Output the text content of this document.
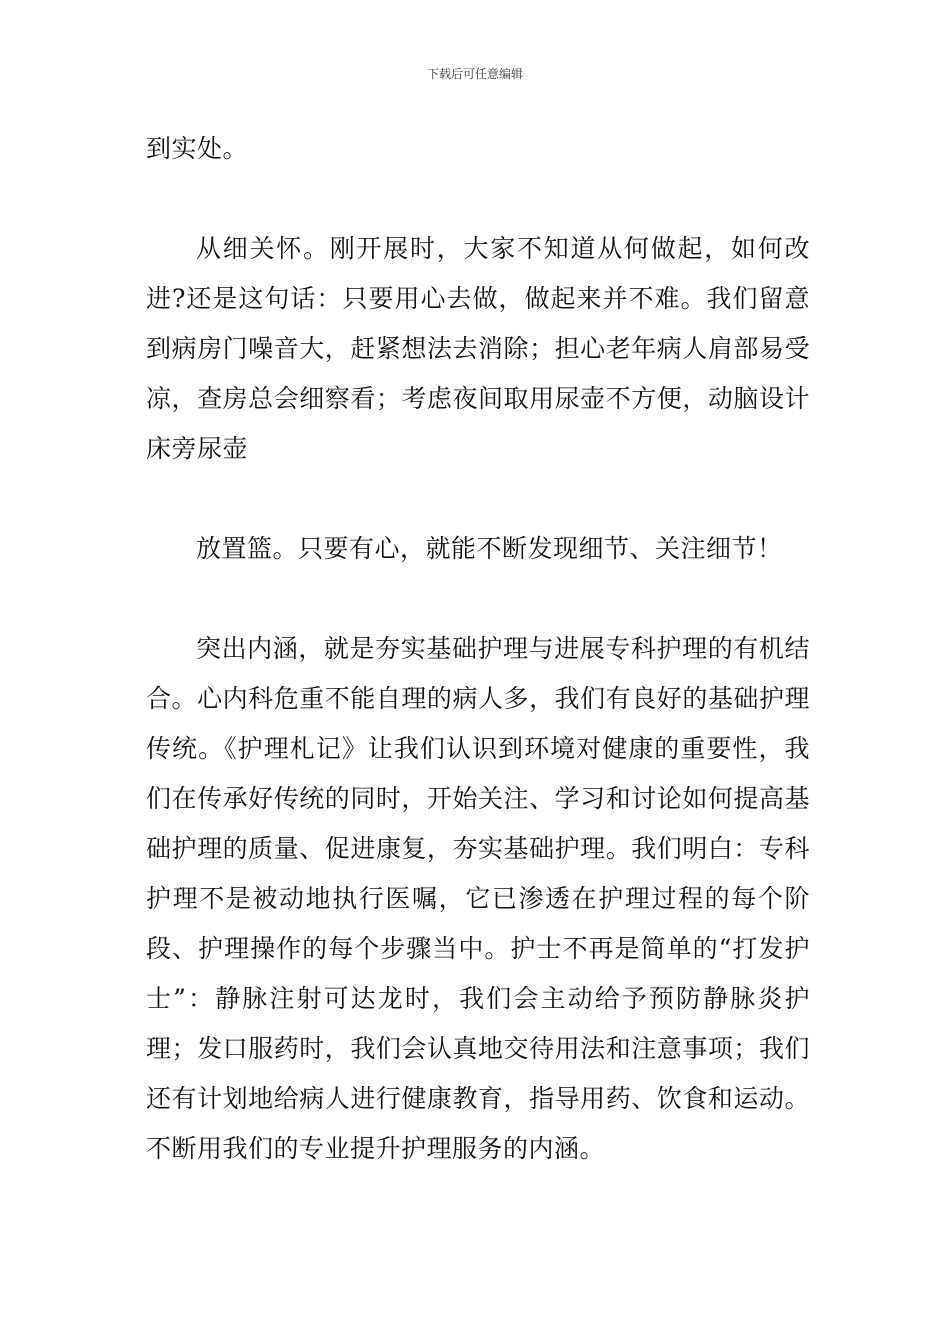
下载后可任意编辑

到实处。

从细关怀。刚开展时，大家不知道从何做起，如何改进?还是这句话：只要用心去做，做起来并不难。我们留意到病房门噪音大，赶紧想法去消除；担心老年病人肩部易受凉，查房总会细察看；考虑夜间取用尿壶不方便，动脑设计床旁尿壶

放置篮。只要有心，就能不断发现细节、关注细节！

突出内涵，就是夯实基础护理与进展专科护理的有机结合。心内科危重不能自理的病人多，我们有良好的基础护理传统。《护理札记》让我们认识到环境对健康的重要性，我们在传承好传统的同时，开始关注、学习和讨论如何提高基础护理的质量、促进康复，夯实基础护理。我们明白：专科护理不是被动地执行医嘱，它已渗透在护理过程的每个阶段、护理操作的每个步骤当中。护士不再是简单的“打发护士”：静脉注射可达龙时，我们会主动给予预防静脉炎护理；发口服药时，我们会认真地交待用法和注意事项；我们还有计划地给病人进行健康教育，指导用药、饮食和运动。不断用我们的专业提升护理服务的内涵。
